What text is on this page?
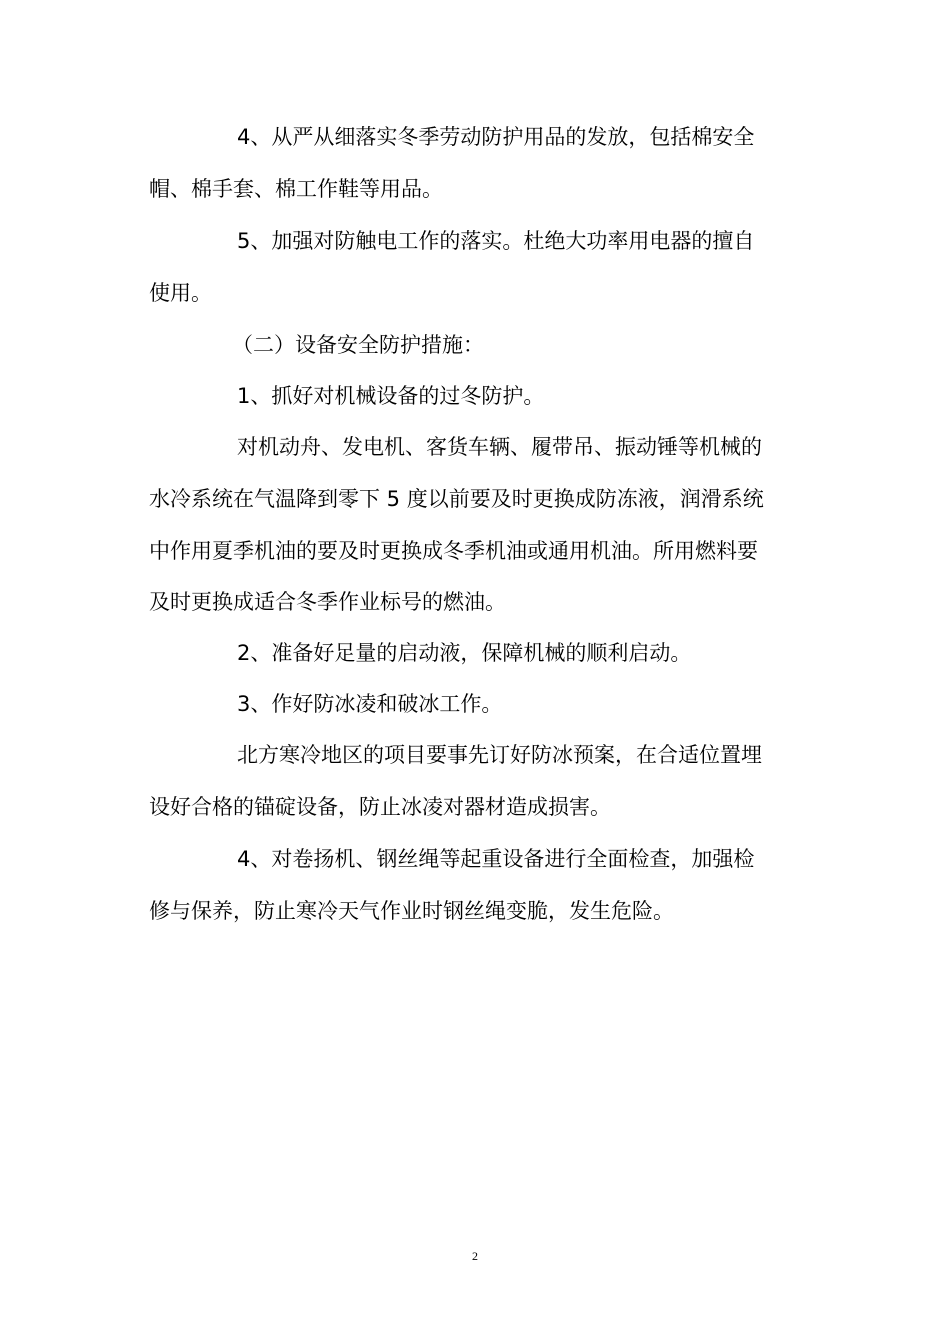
4、从严从细落实冬季劳动防护用品的发放，包括棉安全
帽、棉手套、棉工作鞋等用品。
5、加强对防触电工作的落实。杜绝大功率用电器的擅自
使用。
（二）设备安全防护措施：
1、抓好对机械设备的过冬防护。
对机动舟、发电机、客货车辆、履带吊、振动锤等机械的
水冷系统在气温降到零下 5 度以前要及时更换成防冻液，润滑系统
中作用夏季机油的要及时更换成冬季机油或通用机油。所用燃料要
及时更换成适合冬季作业标号的燃油。
2、准备好足量的启动液，保障机械的顺利启动。
3、作好防冰凌和破冰工作。
北方寒冷地区的项目要事先订好防冰预案，在合适位置埋
设好合格的锚碇设备，防止冰凌对器材造成损害。
4、对卷扬机、钢丝绳等起重设备进行全面检查，加强检
修与保养，防止寒冷天气作业时钢丝绳变脆，发生危险。
2
